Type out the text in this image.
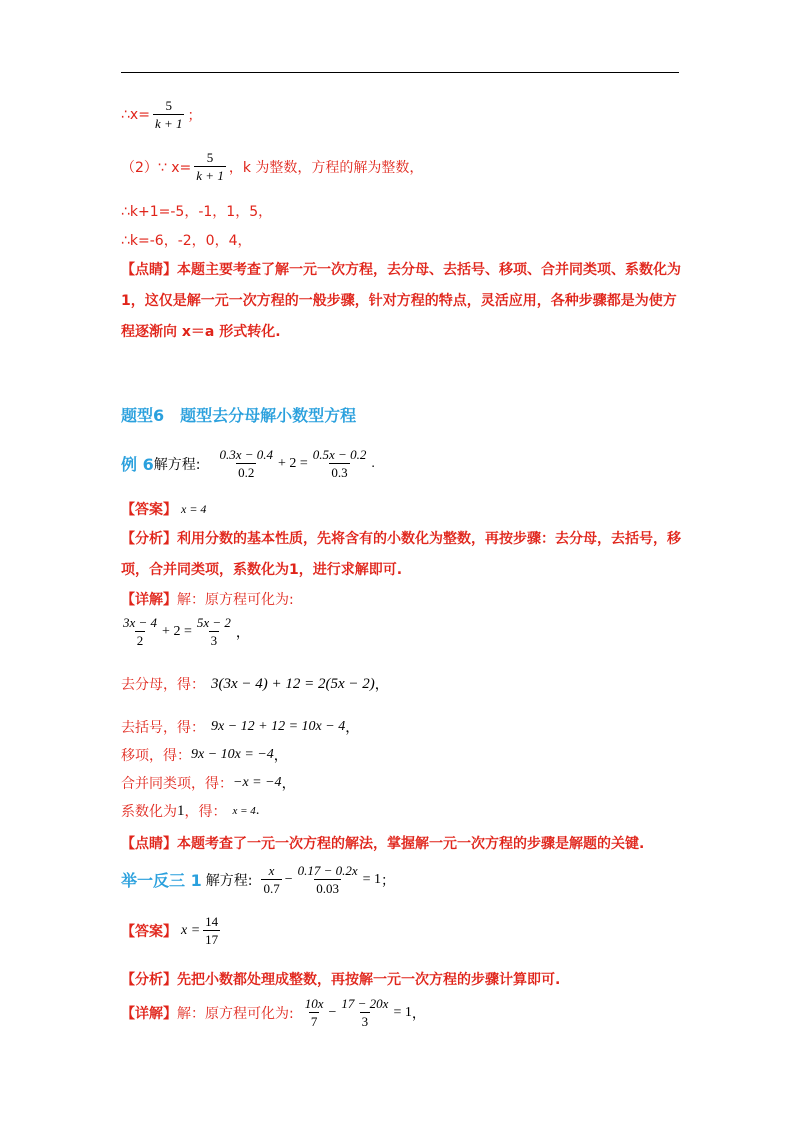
∴x= $\frac{5}{k + 1}$ ；
（2）∵ $x= \frac{5}{k + 1}$ ，k 为整数，方程的解为整数，
∴k+1=-5，-1，1，5，
∴k=-6，-2，0，4，
【点睛】本题主要考查了解一元一次方程，去分母、去括号、移项、合并同类项、系数化为1，这仅是解一元一次方程的一般步骤，针对方程的特点，灵活应用，各种步骤都是为使方程逐渐向 x＝a 形式转化.
题型6　题型去分母解小数型方程
例 6 解方程: $\frac{0.3x - 0.4}{0.2} + 2 = \frac{0.5x - 0.2}{0.3}$ .
【答案】 x = 4
【分析】利用分数的基本性质，先将含有的小数化为整数，再按步骤：去分母，去括号，移项，合并同类项，系数化为1，进行求解即可.
【详解】 解：原方程可化为:
$\frac{3x - 4}{2} + 2 = \frac{5x - 2}{3}$ ，
去分母，得： 3(3x − 4) + 12 = 2(5x − 2) ，
去括号，得： 9x − 12 + 12 = 10x − 4 ，
移项，得： 9x − 10x = −4 ，
合并同类项，得： −x = −4 ，
系数化为 1 ，得： x = 4 .
【点睛】 本题考查了一元一次方程的解法，掌握解一元一次方程的步骤是解题的关键.
举一反三 1 解方程: $\frac{x}{0.7} - \frac{0.17 - 0.2x}{0.03} = 1$ ；
【答案】 $x = \frac{14}{17}$
【分析】 先把小数都处理成整数，再按解一元一次方程的步骤计算即可.
【详解】 解：原方程可化为: $\frac{10x}{7} - \frac{17 - 20x}{3} = 1$ ，
